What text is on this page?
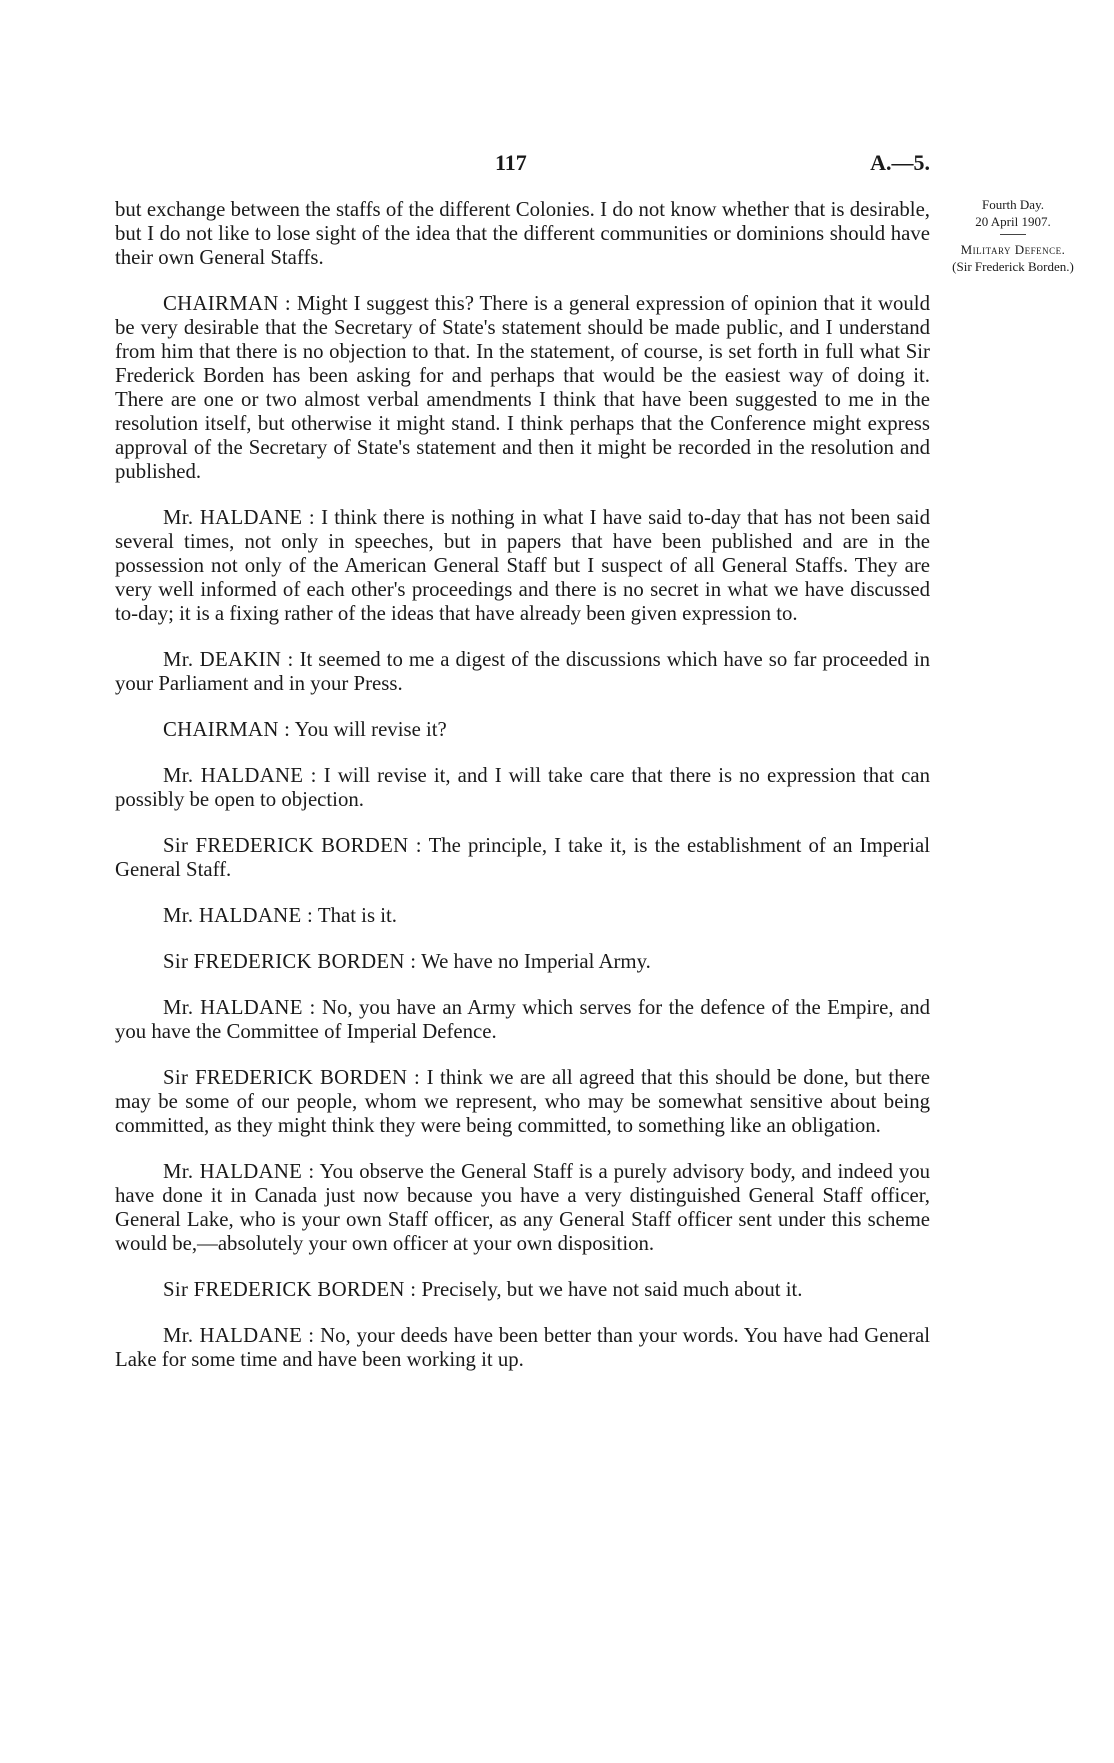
117	A.—5.
Fourth Day.
20 April 1907.
Military Defence.
(Sir Frederick Borden.)

but exchange between the staffs of the different Colonies. I do not know whether that is desirable, but I do not like to lose sight of the idea that the different communities or dominions should have their own General Staffs.

CHAIRMAN : Might I suggest this? There is a general expression of opinion that it would be very desirable that the Secretary of State's statement should be made public, and I understand from him that there is no objection to that. In the statement, of course, is set forth in full what Sir Frederick Borden has been asking for and perhaps that would be the easiest way of doing it. There are one or two almost verbal amendments I think that have been suggested to me in the resolution itself, but otherwise it might stand. I think perhaps that the Conference might express approval of the Secretary of State's statement and then it might be recorded in the resolution and published.

Mr. HALDANE : I think there is nothing in what I have said to-day that has not been said several times, not only in speeches, but in papers that have been published and are in the possession not only of the American General Staff but I suspect of all General Staffs. They are very well informed of each other's proceedings and there is no secret in what we have discussed to-day; it is a fixing rather of the ideas that have already been given expression to.

Mr. DEAKIN : It seemed to me a digest of the discussions which have so far proceeded in your Parliament and in your Press.

CHAIRMAN : You will revise it?

Mr. HALDANE : I will revise it, and I will take care that there is no expression that can possibly be open to objection.

Sir FREDERICK BORDEN : The principle, I take it, is the establishment of an Imperial General Staff.

Mr. HALDANE : That is it.

Sir FREDERICK BORDEN : We have no Imperial Army.

Mr. HALDANE : No, you have an Army which serves for the defence of the Empire, and you have the Committee of Imperial Defence.

Sir FREDERICK BORDEN : I think we are all agreed that this should be done, but there may be some of our people, whom we represent, who may be somewhat sensitive about being committed, as they might think they were being committed, to something like an obligation.

Mr. HALDANE : You observe the General Staff is a purely advisory body, and indeed you have done it in Canada just now because you have a very distinguished General Staff officer, General Lake, who is your own Staff officer, as any General Staff officer sent under this scheme would be,—absolutely your own officer at your own disposition.

Sir FREDERICK BORDEN : Precisely, but we have not said much about it.

Mr. HALDANE : No, your deeds have been better than your words. You have had General Lake for some time and have been working it up.
